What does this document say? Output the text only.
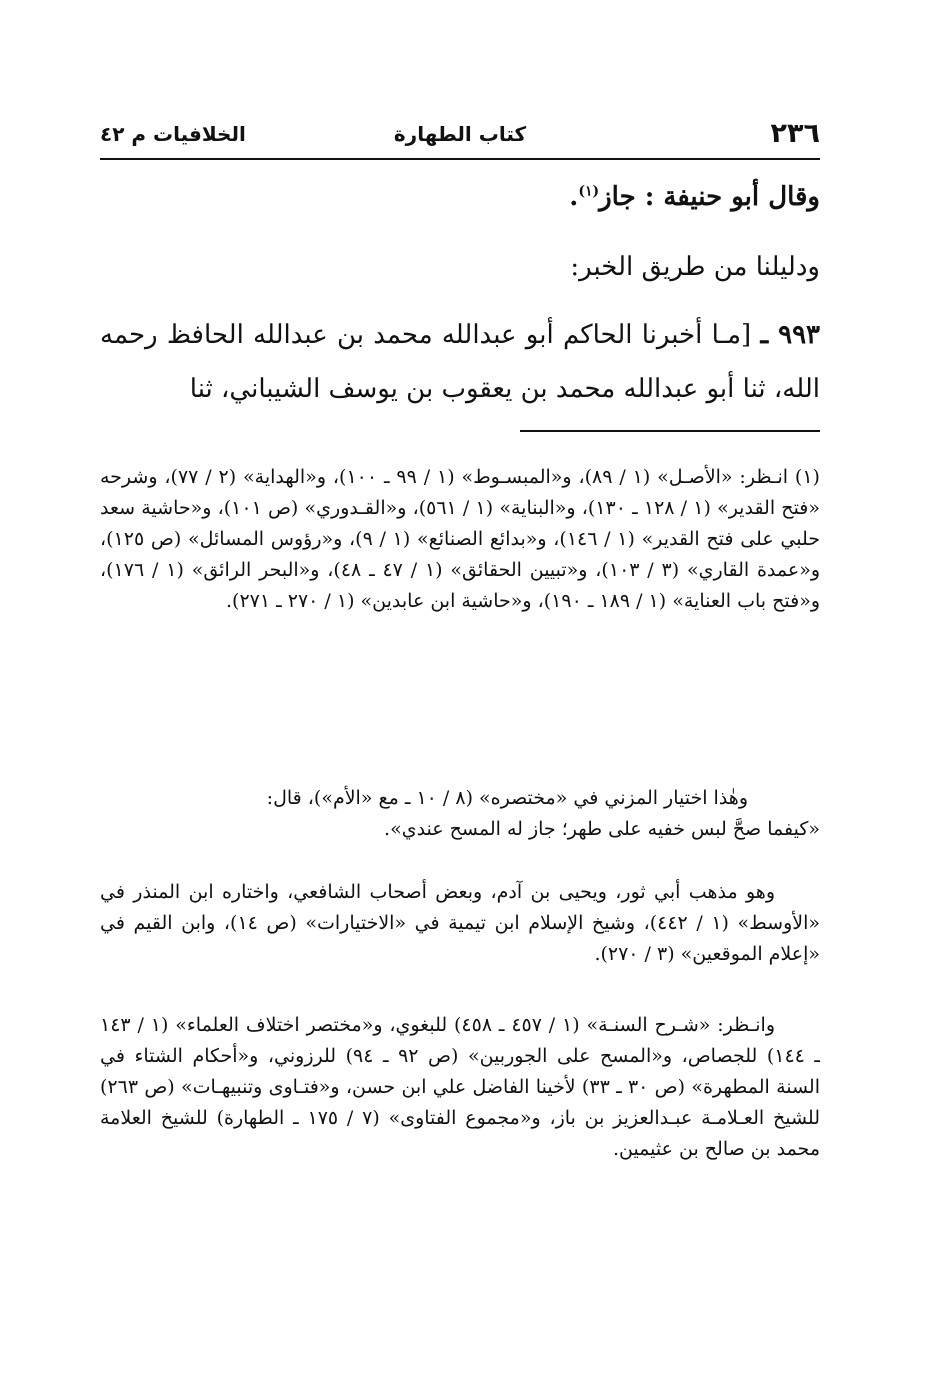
٢٣٦
كتاب الطهارة
الخلافيات م ٤٢
وقال أبو حنيفة : جاز$^{(١)}$.
ودليلنا من طريق الخبر:
٩٩٣ ـ [مـا أخبرنا الحاكم أبو عبدالله محمد بن عبدالله الحافظ رحمه الله، ثنا أبو عبدالله محمد بن يعقوب بن يوسف الشيباني، ثنا

(١) انـظر: «الأصـل» (١ / ٨٩)، و«المبسـوط» (١ / ٩٩ ـ ١٠٠)، و«الهداية» (٢ / ٧٧)، وشرحه «فتح القدير» (١ / ١٢٨ ـ ١٣٠)، و«البناية» (١ / ٥٦١)، و«القـدوري» (ص ١٠١)، و«حاشية سعد حلبي على فتح القدير» (١ / ١٤٦)، و«بدائع الصنائع» (١ / ٩)، و«رؤوس المسائل» (ص ١٢٥)، و«عمدة القاري» (٣ / ١٠٣)، و«تبيين الحقائق» (١ / ٤٧ ـ ٤٨)، و«البحر الرائق» (١ / ١٧٦)، و«فتح باب العناية» (١ / ١٨٩ ـ ١٩٠)، و«حاشية ابن عابدين» (١ / ٢٧٠ ـ ٢٧١).

وهٰذا اختيار المزني في «مختصره» (٨ / ١٠ ـ مع «الأم»)، قال:

«كيفما صحَّ لبس خفيه على طهر؛ جاز له المسح عندي».

وهو مذهب أبي ثور، ويحيى بن آدم، وبعض أصحاب الشافعي، واختاره ابن المنذر في «الأوسط» (١ / ٤٤٢)، وشيخ الإسلام ابن تيمية في «الاختيارات» (ص ١٤)، وابن القيم في «إعلام الموقعين» (٣ / ٢٧٠).

وانـظر: «شـرح السنـة» (١ / ٤٥٧ ـ ٤٥٨) للبغوي، و«مختصر اختلاف العلماء» (١ / ١٤٣ ـ ١٤٤) للجصاص، و«المسح على الجوربين» (ص ٩٢ ـ ٩٤) للرزوني، و«أحكام الشتاء في السنة المطهرة» (ص ٣٠ ـ ٣٣) لأخينا الفاضل علي ابن حسن، و«فتـاوى وتنبيهـات» (ص ٢٦٣) للشيخ العـلامـة عبـدالعزيز بن باز، و«مجموع الفتاوى» (٧ / ١٧٥ ـ الطهارة) للشيخ العلامة محمد بن صالح بن عثيمين.
